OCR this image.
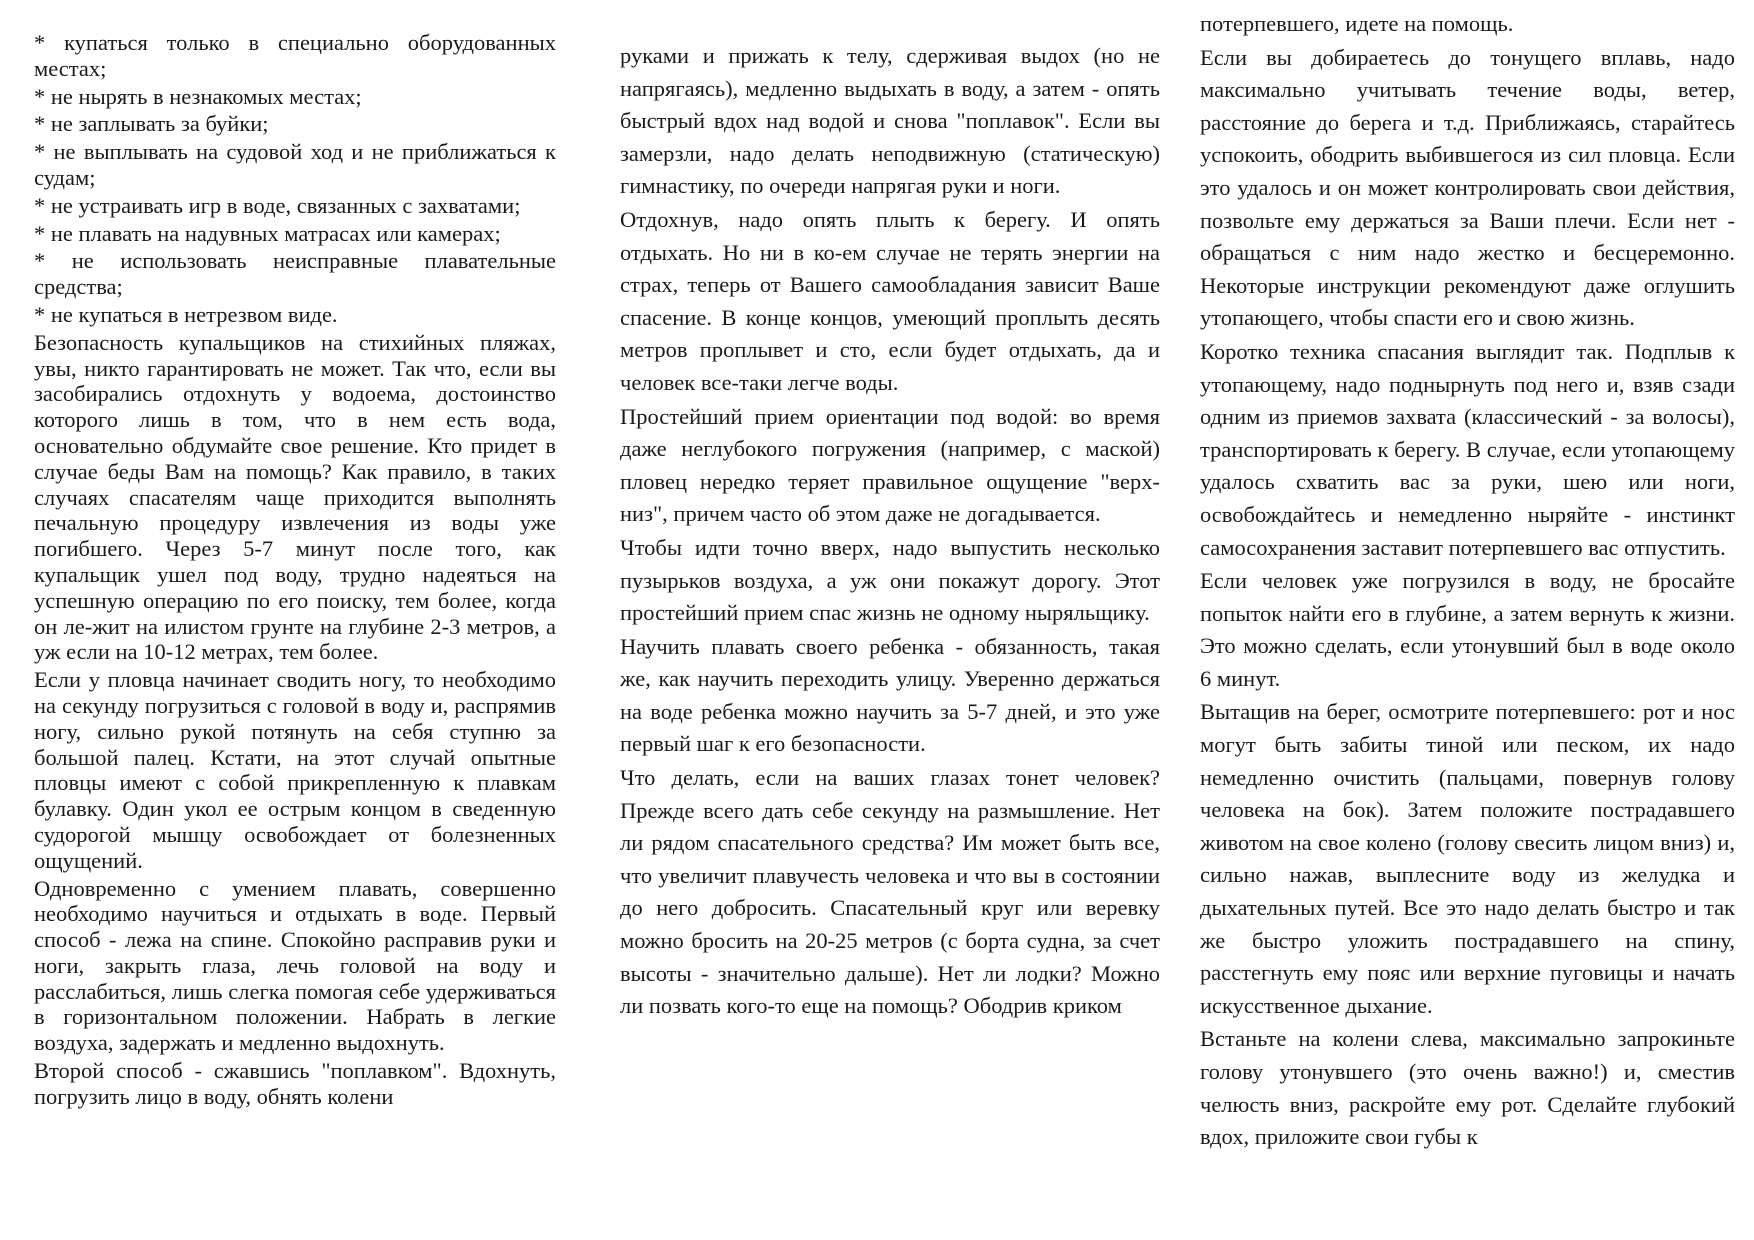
* купаться только в специально оборудованных местах;

* не нырять в незнакомых местах;

* не заплывать за буйки;

* не выплывать на судовой ход и не приближаться к судам;

* не устраивать игр в воде, связанных с захватами;

* не плавать на надувных матрасах или камерах;

* не использовать неисправные плавательные средства;

* не купаться в нетрезвом виде.

Безопасность купальщиков на стихийных пляжах, увы, никто гарантировать не может. Так что, если вы засобирались отдохнуть у водоема, достоинство которого лишь в том, что в нем есть вода, основательно обдумайте свое решение. Кто придет в случае беды Вам на помощь? Как правило, в таких случаях спасателям чаще приходится выполнять печальную процедуру извлечения из воды уже погибшего. Через 5-7 минут после того, как купальщик ушел под воду, трудно надеяться на успешную операцию по его поиску, тем более, когда он ле-жит на илистом грунте на глубине 2-3 метров, а уж если на 10-12 метрах, тем более.

Если у пловца начинает сводить ногу, то необходимо на секунду погрузиться с головой в воду и, распрямив ногу, сильно рукой потянуть на себя ступню за большой палец. Кстати, на этот случай опытные пловцы имеют с собой прикрепленную к плавкам булавку. Один укол ее острым концом в сведенную судорогой мышцу освобождает от болезненных ощущений.

Одновременно с умением плавать, совершенно необходимо научиться и отдыхать в воде. Первый способ - лежа на спине. Спокойно расправив руки и ноги, закрыть глаза, лечь головой на воду и расслабиться, лишь слегка помогая себе удерживаться в горизонтальном положении. Набрать в легкие воздуха, задержать и медленно выдохнуть.

Второй способ - сжавшись "поплавком". Вдохнуть, погрузить лицо в воду, обнять колени

руками и прижать к телу, сдерживая выдох (но не напрягаясь), медленно выдыхать в воду, а затем - опять быстрый вдох над водой и снова "поплавок". Если вы замерзли, надо делать неподвижную (статическую) гимнастику, по очереди напрягая руки и ноги.

Отдохнув, надо опять плыть к берегу. И опять отдыхать. Но ни в ко-ем случае не терять энергии на страх, теперь от Вашего самообладания зависит Ваше спасение. В конце концов, умеющий проплыть десять метров проплывет и сто, если будет отдыхать, да и человек все-таки легче воды.

Простейший прием ориентации под водой: во время даже неглубокого погружения (например, с маской) пловец нередко теряет правильное ощущение "верх-низ", причем часто об этом даже не догадывается.

Чтобы идти точно вверх, надо выпустить несколько пузырьков воздуха, а уж они покажут дорогу. Этот простейший прием спас жизнь не одному ныряльщику.

Научить плавать своего ребенка - обязанность, такая же, как научить переходить улицу. Уверенно держаться на воде ребенка можно научить за 5-7 дней, и это уже первый шаг к его безопасности.

Что делать, если на ваших глазах тонет человек? Прежде всего дать себе секунду на размышление. Нет ли рядом спасательного средства? Им может быть все, что увеличит плавучесть человека и что вы в состоянии до него добросить. Спасательный круг или веревку можно бросить на 20-25 метров (с борта судна, за счет высоты - значительно дальше). Нет ли лодки? Можно ли позвать кого-то еще на помощь? Ободрив криком

потерпевшего, идете на помощь.

Если вы добираетесь до тонущего вплавь, надо максимально учитывать течение воды, ветер, расстояние до берега и т.д. Приближаясь, старайтесь успокоить, ободрить выбившегося из сил пловца. Если это удалось и он может контролировать свои действия, позвольте ему держаться за Ваши плечи. Если нет - обращаться с ним надо жестко и бесцеремонно. Некоторые инструкции рекомендуют даже оглушить утопающего, чтобы спасти его и свою жизнь.

Коротко техника спасания выглядит так. Подплыв к утопающему, надо поднырнуть под него и, взяв сзади одним из приемов захвата (классический - за волосы), транспортировать к берегу. В случае, если утопающему удалось схватить вас за руки, шею или ноги, освобождайтесь и немедленно ныряйте - инстинкт самосохранения заставит потерпевшего вас отпустить.

Если человек уже погрузился в воду, не бросайте попыток найти его в глубине, а затем вернуть к жизни. Это можно сделать, если утонувший был в воде около 6 минут.

Вытащив на берег, осмотрите потерпевшего: рот и нос могут быть забиты тиной или песком, их надо немедленно очистить (пальцами, повернув голову человека на бок). Затем положите пострадавшего животом на свое колено (голову свесить лицом вниз) и, сильно нажав, выплесните воду из желудка и дыхательных путей. Все это надо делать быстро и так же быстро уложить пострадавшего на спину, расстегнуть ему пояс или верхние пуговицы и начать искусственное дыхание.

Встаньте на колени слева, максимально запрокиньте голову утонувшего (это очень важно!) и, сместив челюсть вниз, раскройте ему рот. Сделайте глубокий вдох, приложите свои губы к
